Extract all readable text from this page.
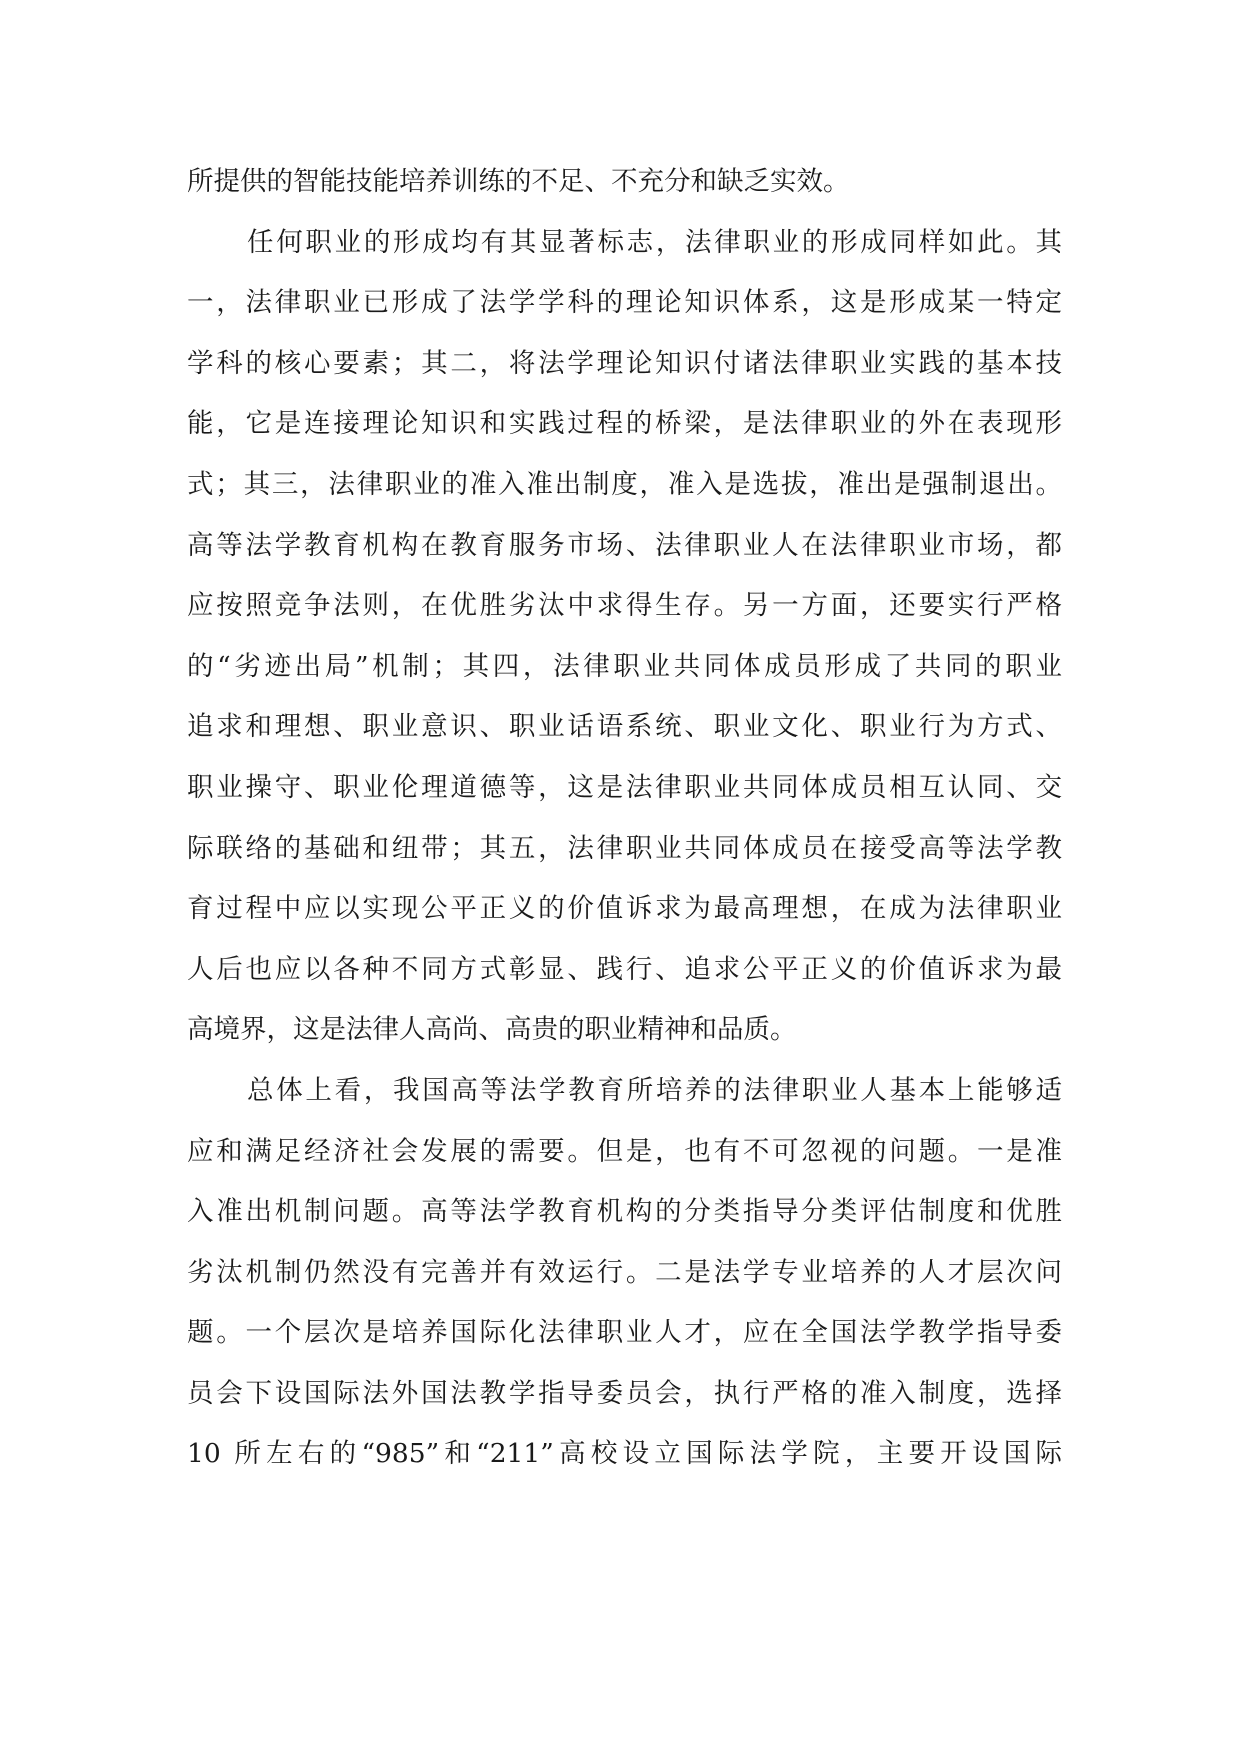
所提供的智能技能培养训练的不足、不充分和缺乏实效。
任何职业的形成均有其显著标志，法律职业的形成同样如此。其
一，法律职业已形成了法学学科的理论知识体系，这是形成某一特定
学科的核心要素；其二，将法学理论知识付诸法律职业实践的基本技
能，它是连接理论知识和实践过程的桥梁，是法律职业的外在表现形
式；其三，法律职业的准入准出制度，准入是选拔，准出是强制退出。
高等法学教育机构在教育服务市场、法律职业人在法律职业市场，都
应按照竞争法则，在优胜劣汰中求得生存。另一方面，还要实行严格
的“劣迹出局”机制；其四，法律职业共同体成员形成了共同的职业
追求和理想、职业意识、职业话语系统、职业文化、职业行为方式、
职业操守、职业伦理道德等，这是法律职业共同体成员相互认同、交
际联络的基础和纽带；其五，法律职业共同体成员在接受高等法学教
育过程中应以实现公平正义的价值诉求为最高理想，在成为法律职业
人后也应以各种不同方式彰显、践行、追求公平正义的价值诉求为最
高境界，这是法律人高尚、高贵的职业精神和品质。
总体上看，我国高等法学教育所培养的法律职业人基本上能够适
应和满足经济社会发展的需要。但是，也有不可忽视的问题。一是准
入准出机制问题。高等法学教育机构的分类指导分类评估制度和优胜
劣汰机制仍然没有完善并有效运行。二是法学专业培养的人才层次问
题。一个层次是培养国际化法律职业人才，应在全国法学教学指导委
员会下设国际法外国法教学指导委员会，执行严格的准入制度，选择
10 所左右的“985”和“211”高校设立国际法学院，主要开设国际
